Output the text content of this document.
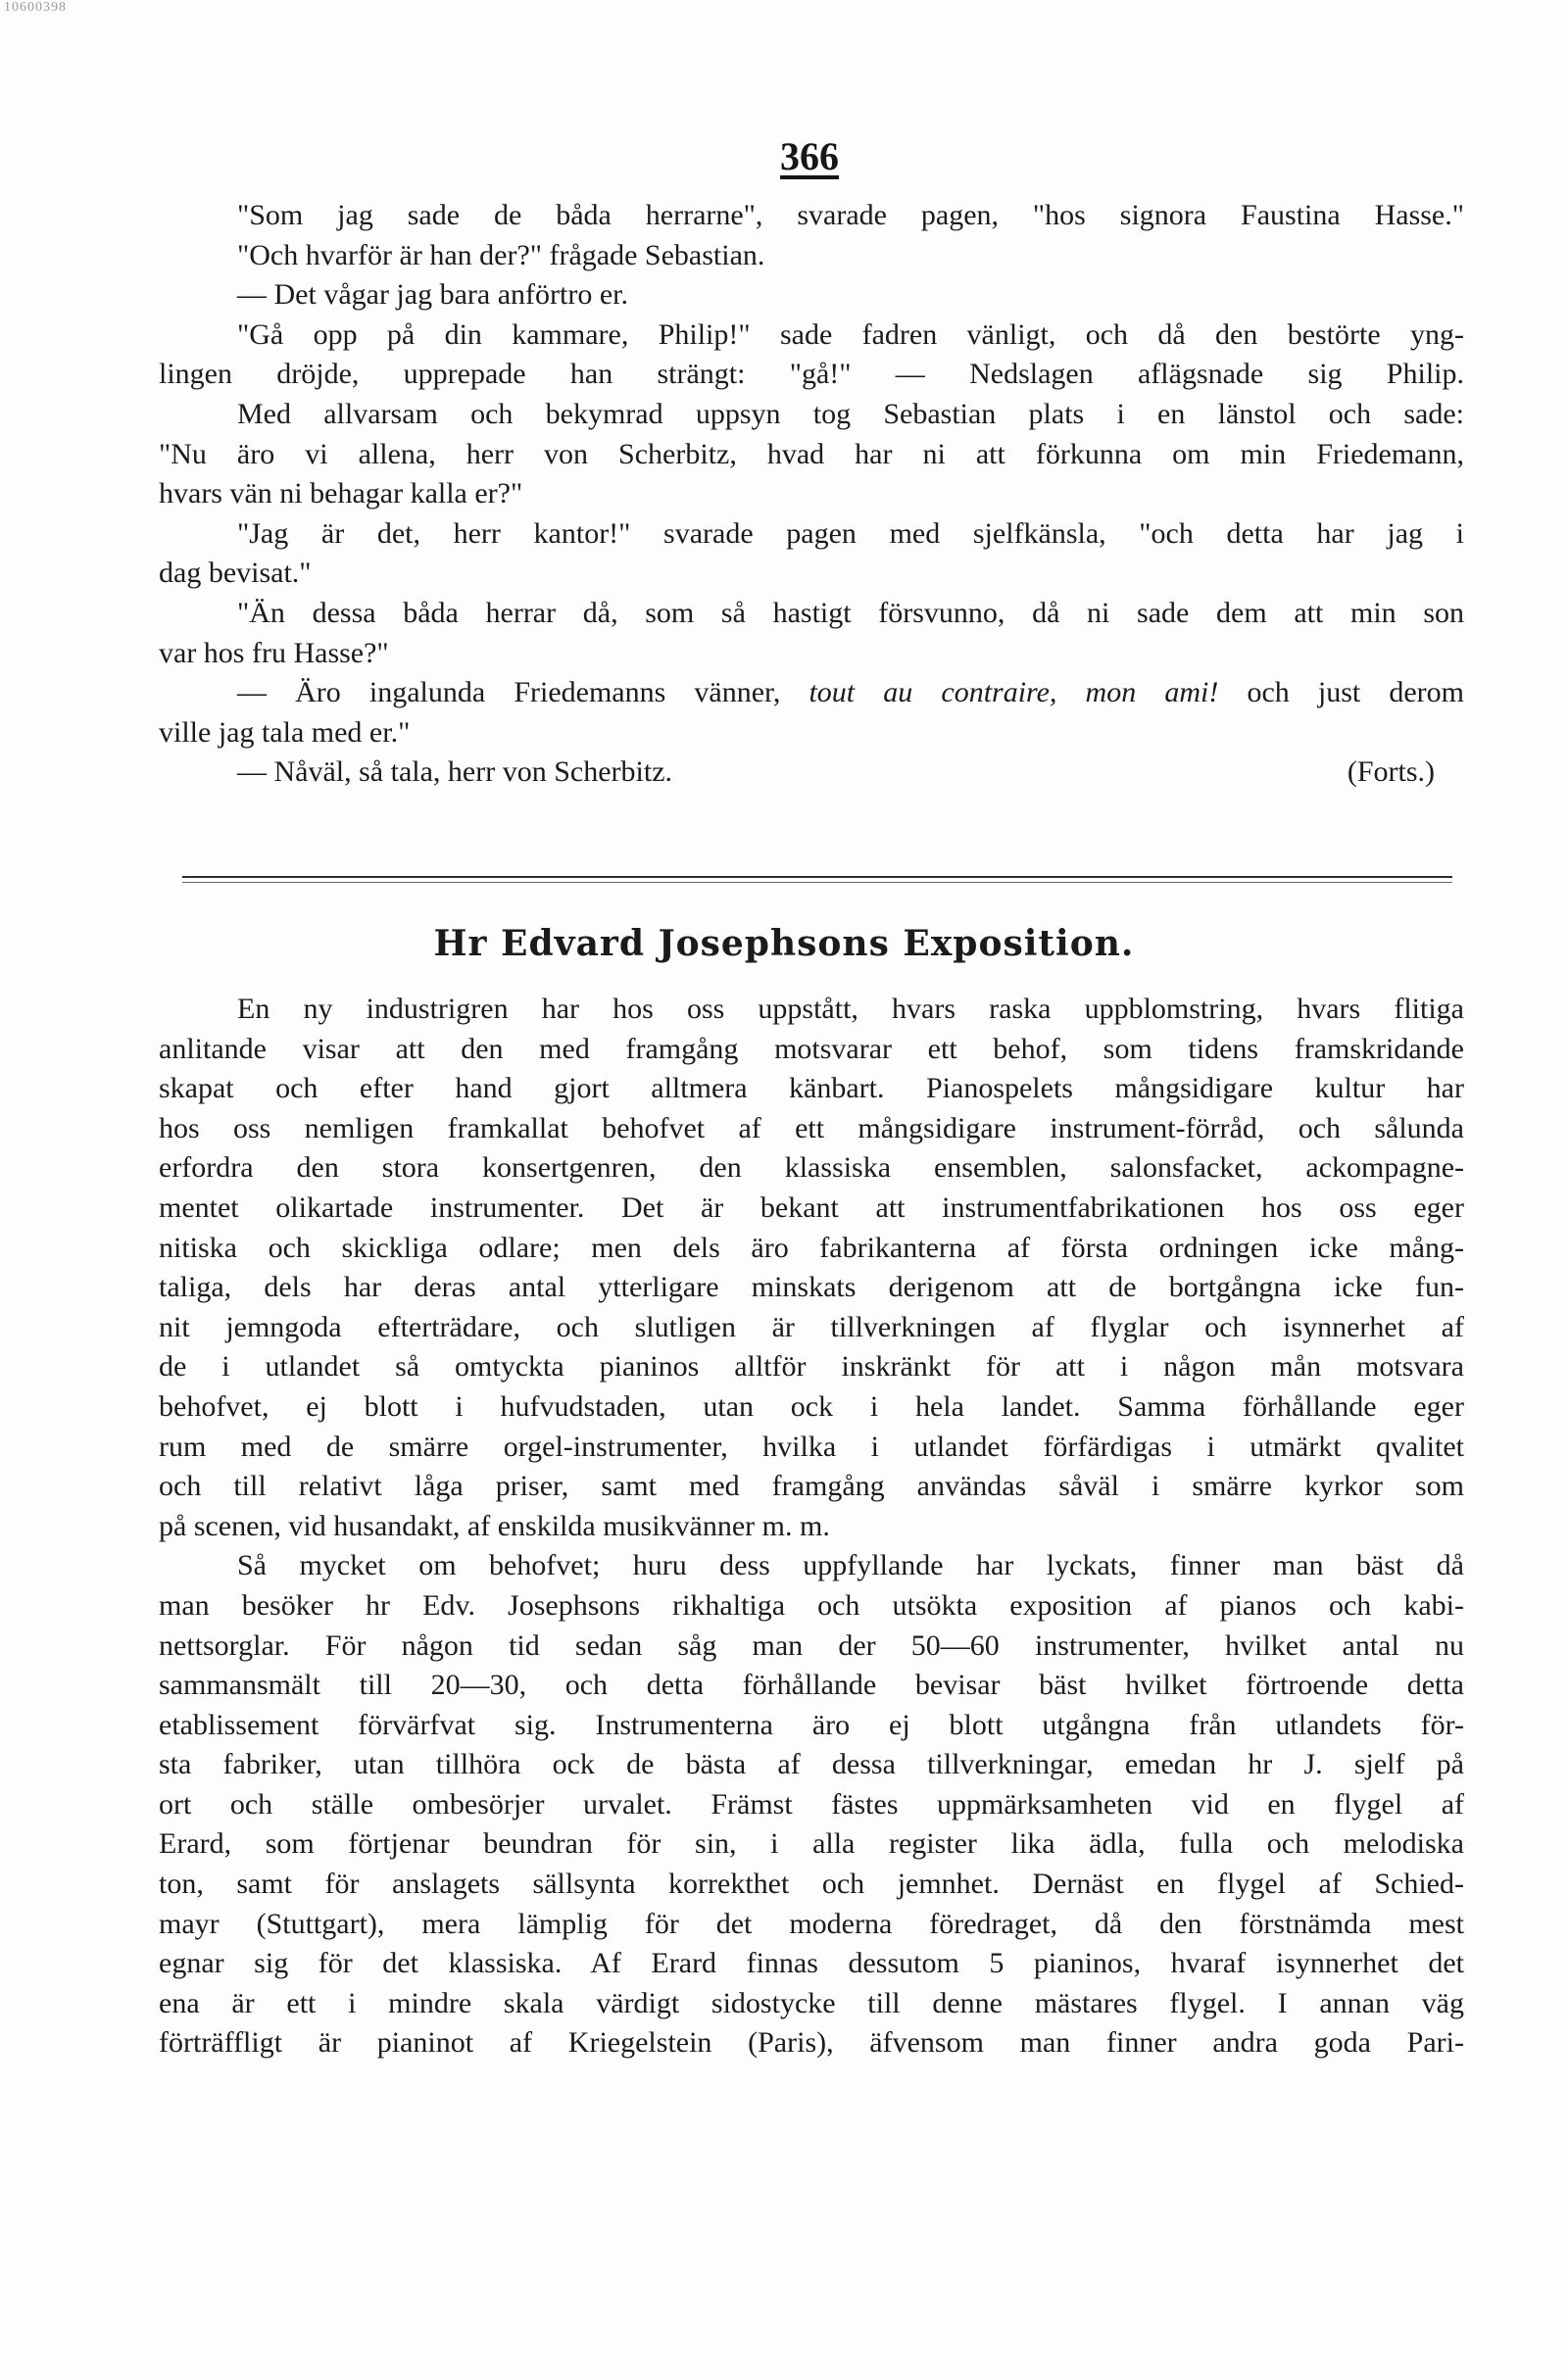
10600398
366
"Som jag sade de båda herrarne", svarade pagen, "hos signora Faustina Hasse."
"Och hvarför är han der?" frågade Sebastian.
— Det vågar jag bara anförtro er.
"Gå opp på din kammare, Philip!" sade fadren vänligt, och då den bestörte yng-
lingen dröjde, upprepade han strängt: "gå!" — Nedslagen aflägsnade sig Philip.
Med allvarsam och bekymrad uppsyn tog Sebastian plats i en länstol och sade:
"Nu äro vi allena, herr von Scherbitz, hvad har ni att förkunna om min Friedemann,
hvars vän ni behagar kalla er?"
"Jag är det, herr kantor!" svarade pagen med sjelfkänsla, "och detta har jag i
dag bevisat."
"Än dessa båda herrar då, som så hastigt försvunno, då ni sade dem att min son
var hos fru Hasse?"
— Äro ingalunda Friedemanns vänner, tout au contraire, mon ami! och just derom
ville jag tala med er."
— Nåväl, så tala, herr von Scherbitz.	(Forts.)
Hr Edvard Josephsons Exposition.
En ny industrigren har hos oss uppstått, hvars raska uppblomstring, hvars flitiga
anlitande visar att den med framgång motsvarar ett behof, som tidens framskridande
skapat och efter hand gjort alltmera känbart. Pianospelets mångsidigare kultur har
hos oss nemligen framkallat behofvet af ett mångsidigare instrument-förråd, och sålunda
erfordra den stora konsertgenren, den klassiska ensemblen, salonsfacket, ackompagne-
mentet olikartade instrumenter. Det är bekant att instrumentfabrikationen hos oss eger
nitiska och skickliga odlare; men dels äro fabrikanterna af första ordningen icke mång-
taliga, dels har deras antal ytterligare minskats derigenom att de bortgångna icke fun-
nit jemngoda efterträdare, och slutligen är tillverkningen af flyglar och isynnerhet af
de i utlandet så omtyckta pianinos alltför inskränkt för att i någon mån motsvara
behofvet, ej blott i hufvudstaden, utan ock i hela landet. Samma förhållande eger
rum med de smärre orgel-instrumenter, hvilka i utlandet förfärdigas i utmärkt qvalitet
och till relativt låga priser, samt med framgång användas såväl i smärre kyrkor som
på scenen, vid husandakt, af enskilda musikvänner m. m.
Så mycket om behofvet; huru dess uppfyllande har lyckats, finner man bäst då
man besöker hr Edv. Josephsons rikhaltiga och utsökta exposition af pianos och kabi-
nettsorglar. För någon tid sedan såg man der 50—60 instrumenter, hvilket antal nu
sammansmält till 20—30, och detta förhållande bevisar bäst hvilket förtroende detta
etablissement förvärfvat sig. Instrumenterna äro ej blott utgångna från utlandets för-
sta fabriker, utan tillhöra ock de bästa af dessa tillverkningar, emedan hr J. sjelf på
ort och ställe ombesörjer urvalet. Främst fästes uppmärksamheten vid en flygel af
Erard, som förtjenar beundran för sin, i alla register lika ädla, fulla och melodiska
ton, samt för anslagets sällsynta korrekthet och jemnhet. Dernäst en flygel af Schied-
mayr (Stuttgart), mera lämplig för det moderna föredraget, då den förstnämda mest
egnar sig för det klassiska. Af Erard finnas dessutom 5 pianinos, hvaraf isynnerhet det
ena är ett i mindre skala värdigt sidostycke till denne mästares flygel. I annan väg
förträffligt är pianinot af Kriegelstein (Paris), äfvensom man finner andra goda Pari-
